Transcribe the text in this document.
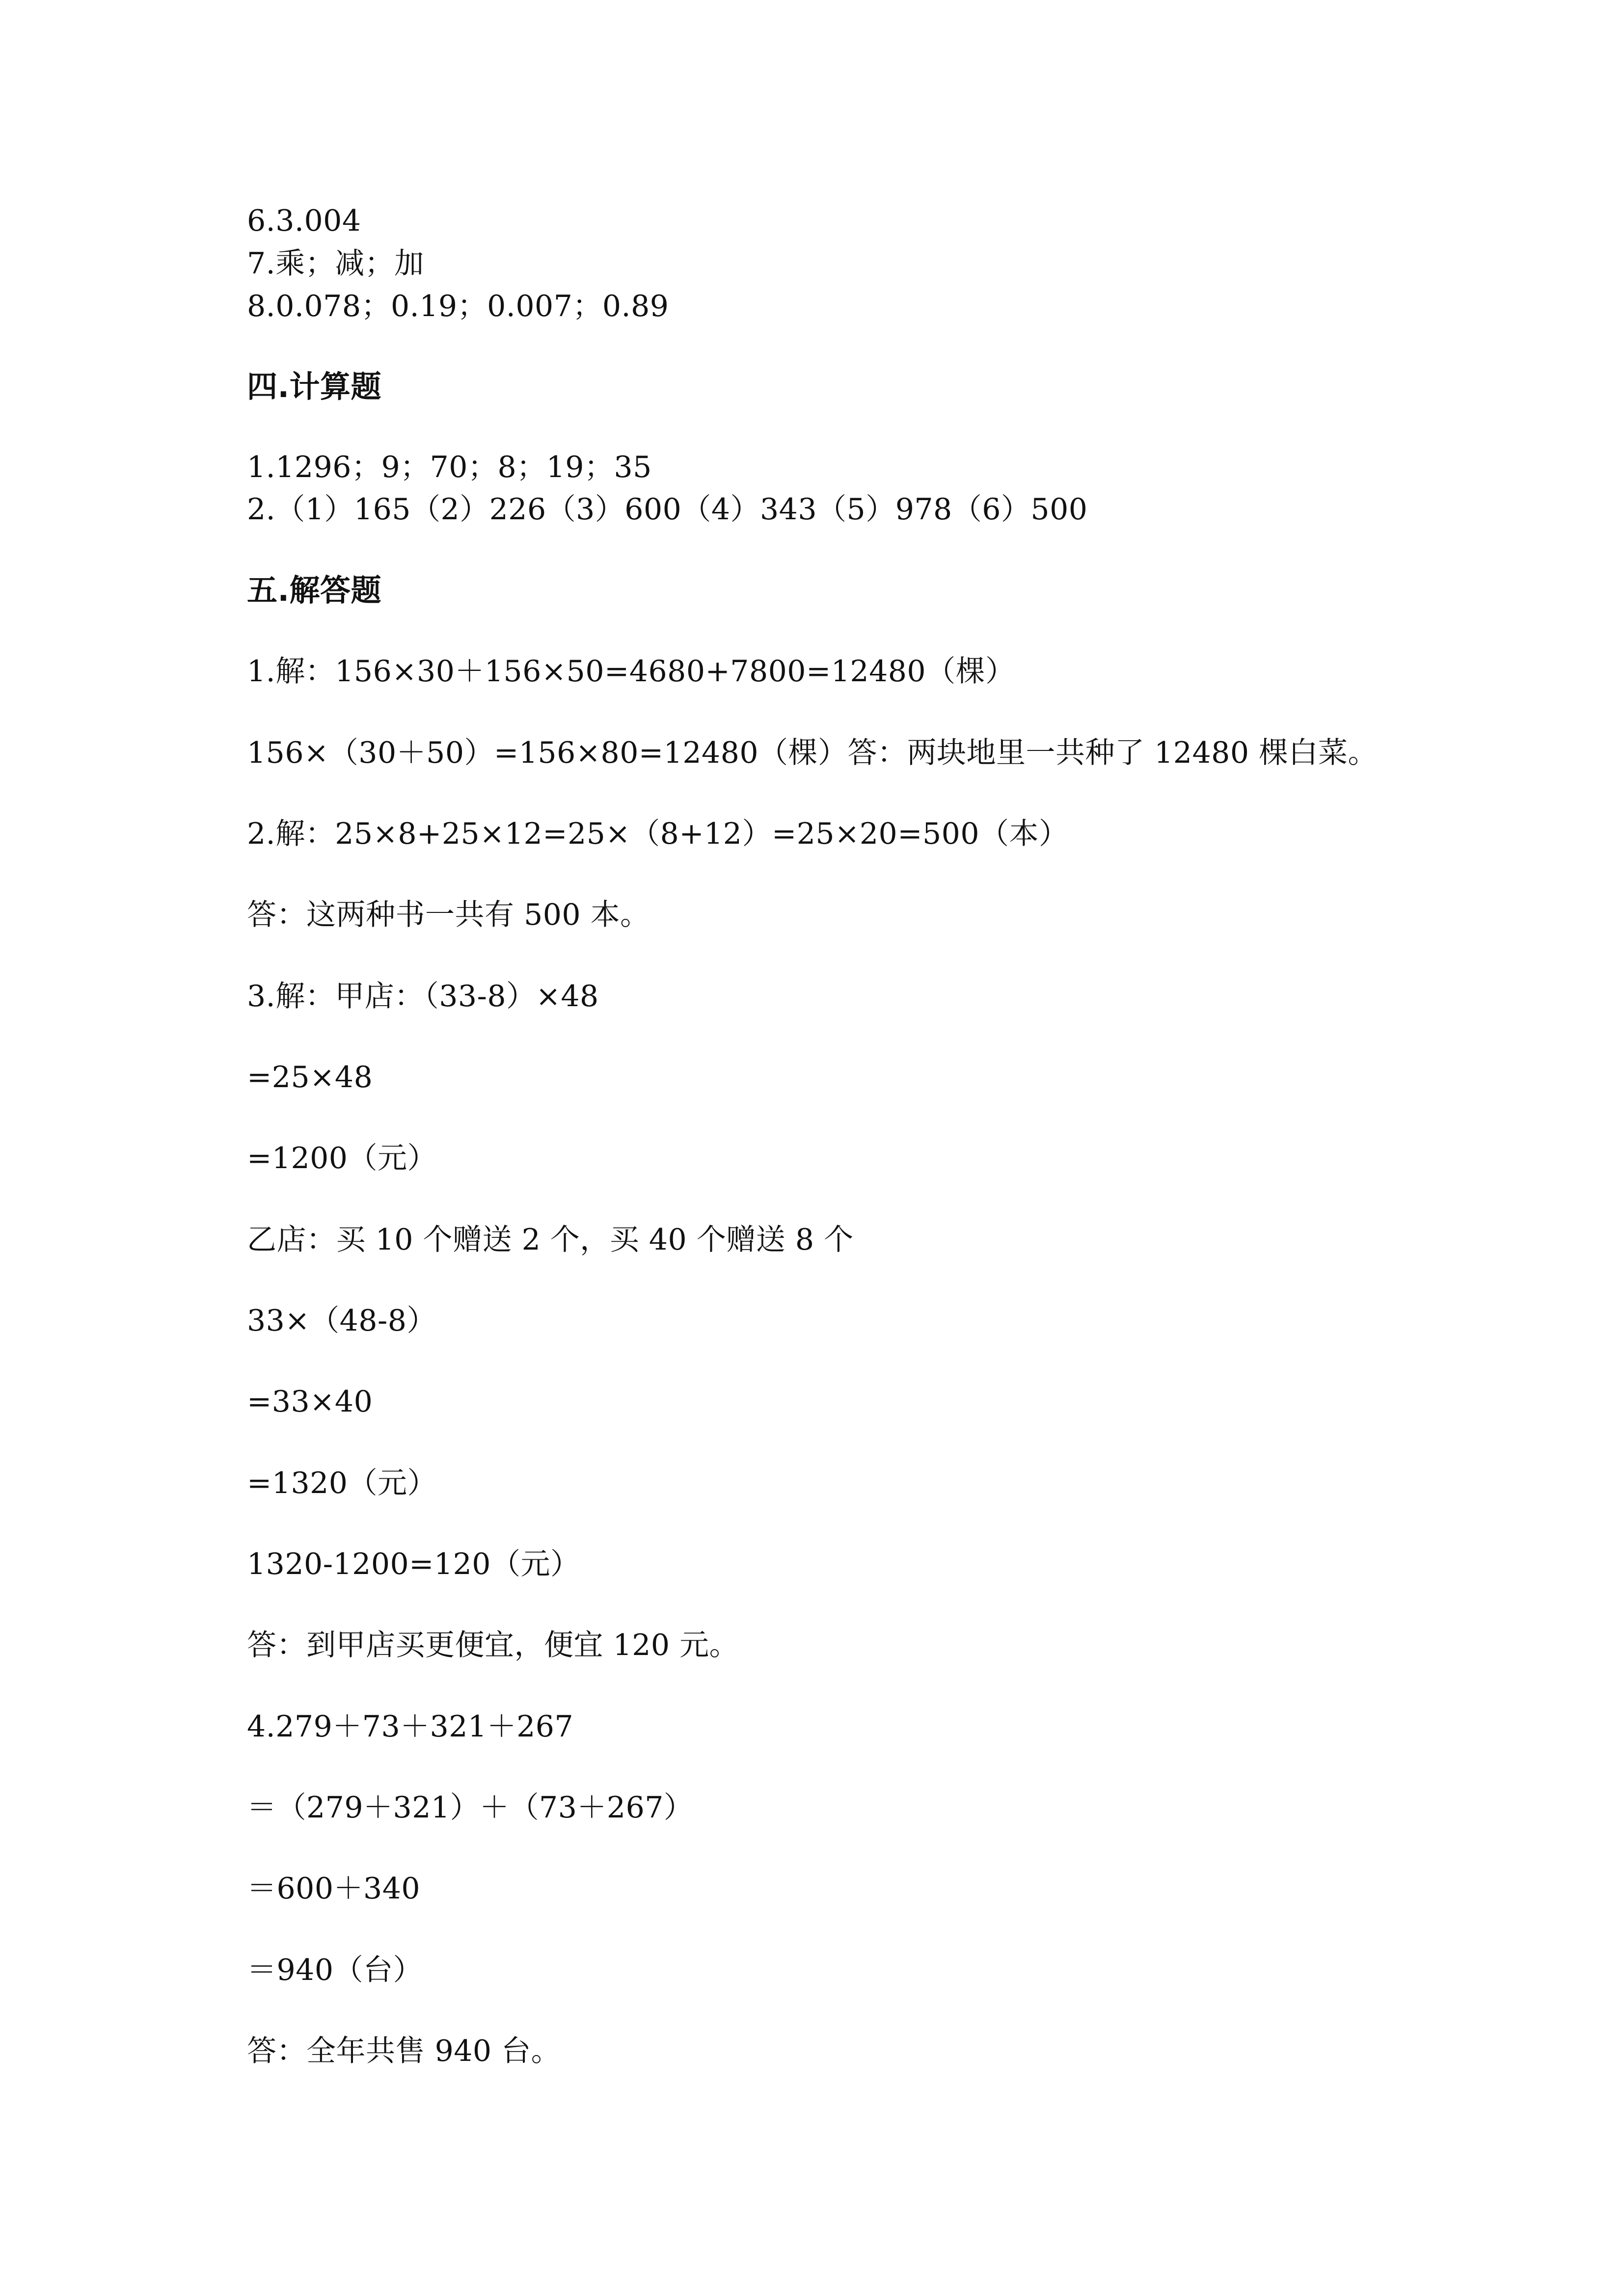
6.3.004
7.乘；减；加
8.0.078；0.19；0.007；0.89
四.计算题
1.1296；9；70；8；19；35
2.（1）165（2）226（3）600（4）343（5）978（6）500
五.解答题
1.解：156×30＋156×50=4680+7800=12480（棵）
156×（30＋50）=156×80=12480（棵）答：两块地里一共种了 12480 棵白菜。
2.解：25×8+25×12=25×（8+12）=25×20=500（本）
答：这两种书一共有 500 本。
3.解：甲店：（33-8）×48
=25×48
=1200（元）
乙店：买 10 个赠送 2 个，买 40 个赠送 8 个
33×（48-8）
=33×40
=1320（元）
1320-1200=120（元）
答：到甲店买更便宜，便宜 120 元。
4.279＋73＋321＋267
＝（279＋321）＋（73＋267）
＝600＋340
＝940（台）
答：全年共售 940 台。
